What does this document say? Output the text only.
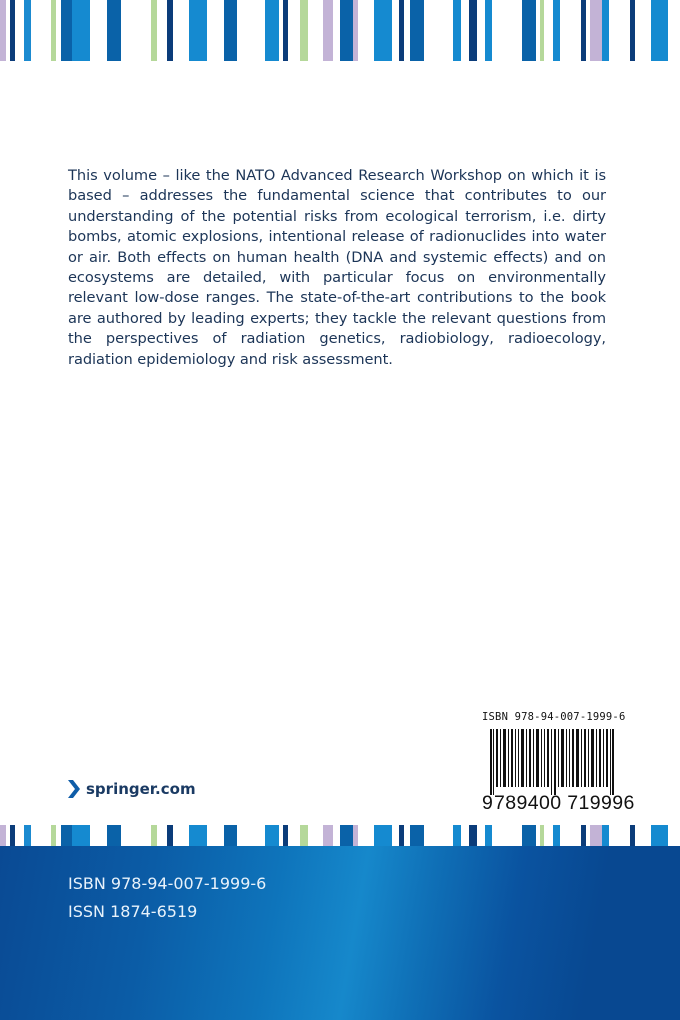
This volume – like the NATO Advanced Research Workshop on which it is based – addresses the fundamental science that contributes to our understanding of the potential risks from ecological terrorism, i.e. dirty bombs, atomic explosions, intentional release of radionuclides into water or air. Both effects on human health (DNA and systemic effects) and on ecosystems are detailed, with particular focus on environmentally relevant low-dose ranges. The state-of-the-art contributions to the book are authored by leading experts; they tackle the relevant questions from the perspectives of radiation genetics, radiobiology, radioecology, radiation epidemiology and risk assessment.
ISBN 978-94-007-1999-6
9789400 719996
springer.com
ISBN 978-94-007-1999-6
ISSN 1874-6519
